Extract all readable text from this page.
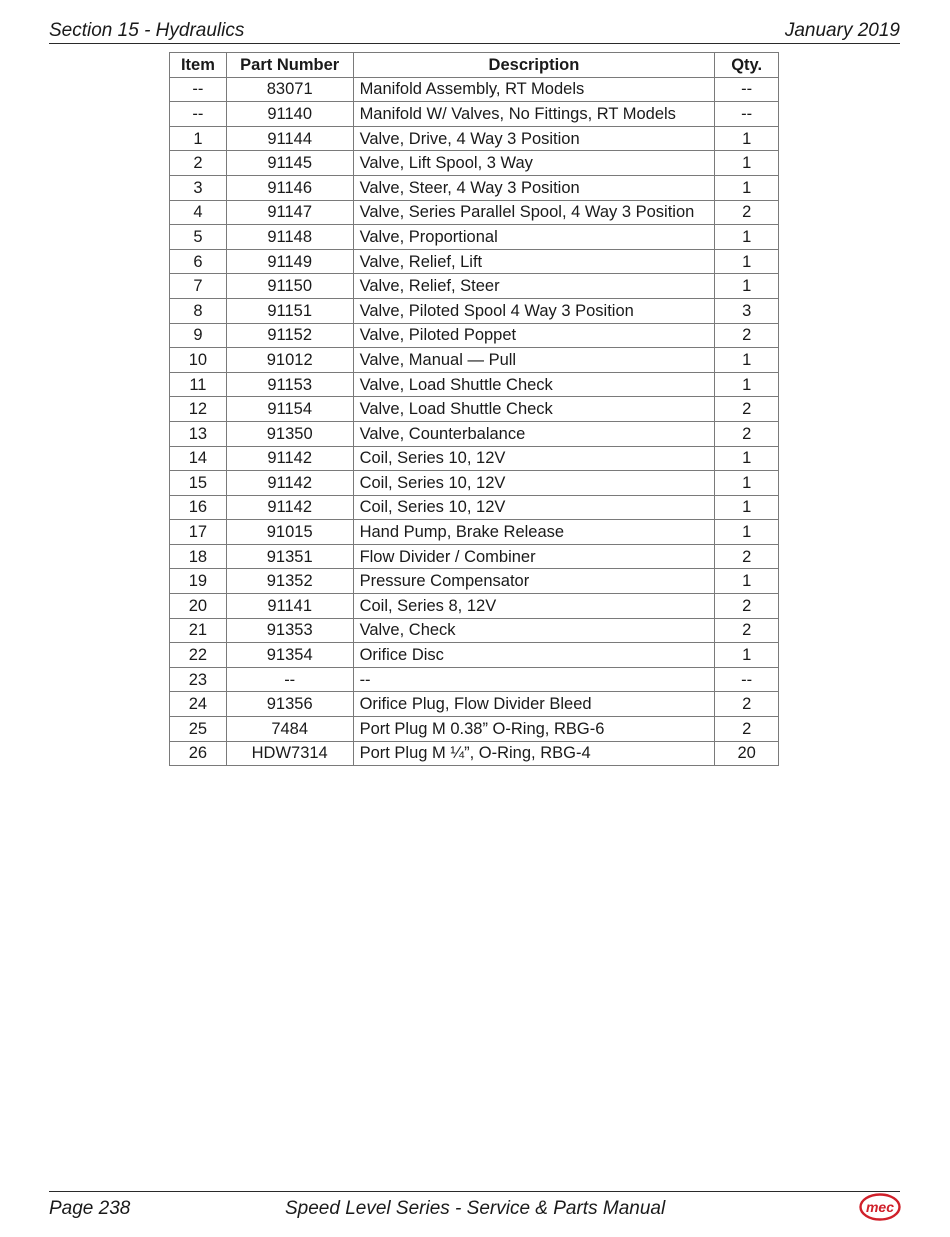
Section 15 - Hydraulics	January 2019
Item	Part Number	Description	Qty.
--	83071	Manifold Assembly, RT Models	--
--	91140	Manifold W/ Valves, No Fittings, RT Models	--
1	91144	Valve, Drive, 4 Way 3 Position	1
2	91145	Valve, Lift Spool, 3 Way	1
3	91146	Valve, Steer, 4 Way 3 Position	1
4	91147	Valve, Series Parallel Spool, 4 Way 3 Position	2
5	91148	Valve, Proportional	1
6	91149	Valve, Relief, Lift	1
7	91150	Valve, Relief, Steer	1
8	91151	Valve, Piloted Spool 4 Way 3 Position	3
9	91152	Valve, Piloted Poppet	2
10	91012	Valve, Manual — Pull	1
11	91153	Valve, Load Shuttle Check	1
12	91154	Valve, Load Shuttle Check	2
13	91350	Valve, Counterbalance	2
14	91142	Coil, Series 10, 12V	1
15	91142	Coil, Series 10, 12V	1
16	91142	Coil, Series 10, 12V	1
17	91015	Hand Pump, Brake Release	1
18	91351	Flow Divider / Combiner	2
19	91352	Pressure Compensator	1
20	91141	Coil, Series 8, 12V	2
21	91353	Valve, Check	2
22	91354	Orifice Disc	1
23	--	--	--
24	91356	Orifice Plug, Flow Divider Bleed	2
25	7484	Port Plug M 0.38” O-Ring, RBG-6	2
26	HDW7314	Port Plug M ¼”, O-Ring, RBG-4	20
Page 238	Speed Level Series - Service & Parts Manual	mec
